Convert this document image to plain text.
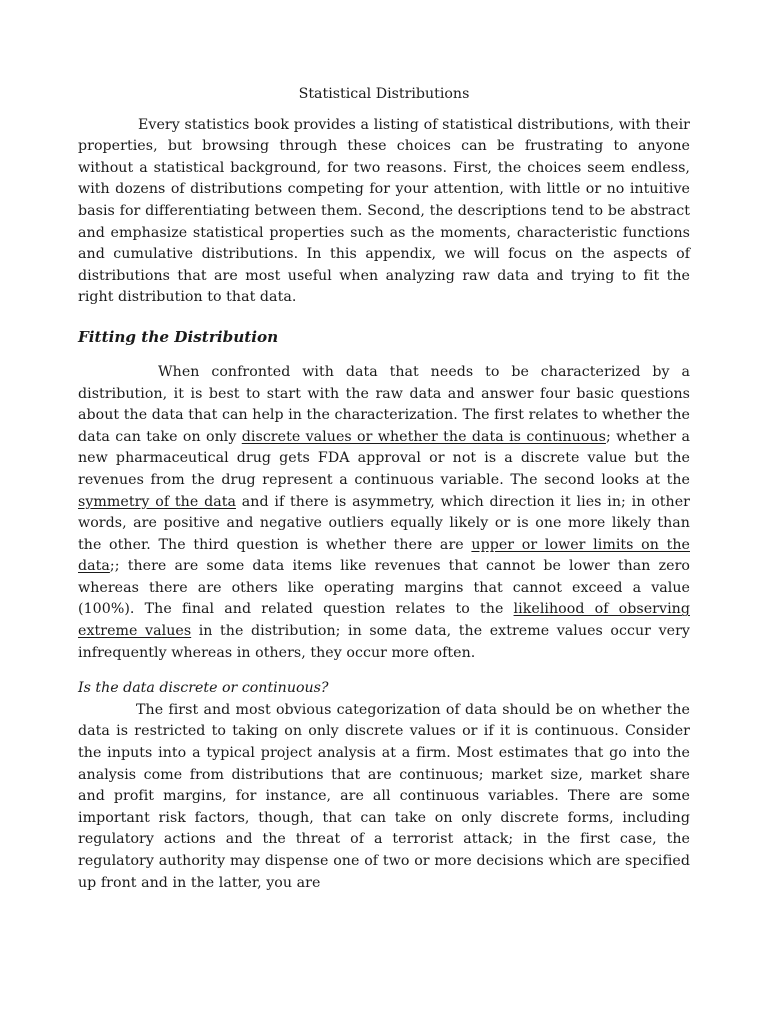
Statistical Distributions

Every statistics book provides a listing of statistical distributions, with their properties, but browsing through these choices can be frustrating to anyone without a statistical background, for two reasons. First, the choices seem endless, with dozens of distributions competing for your attention, with little or no intuitive basis for differentiating between them. Second, the descriptions tend to be abstract and emphasize statistical properties such as the moments, characteristic functions and cumulative distributions. In this appendix, we will focus on the aspects of distributions that are most useful when analyzing raw data and trying to fit the right distribution to that data.

Fitting the Distribution

When confronted with data that needs to be characterized by a distribution, it is best to start with the raw data and answer four basic questions about the data that can help in the characterization. The first relates to whether the data can take on only discrete values or whether the data is continuous; whether a new pharmaceutical drug gets FDA approval or not is a discrete value but the revenues from the drug represent a continuous variable. The second looks at the symmetry of the data and if there is asymmetry, which direction it lies in; in other words, are positive and negative outliers equally likely or is one more likely than the other. The third question is whether there are upper or lower limits on the data;; there are some data items like revenues that cannot be lower than zero whereas there are others like operating margins that cannot exceed a value (100%). The final and related question relates to the likelihood of observing extreme values in the distribution; in some data, the extreme values occur very infrequently whereas in others, they occur more often.

Is the data discrete or continuous?

The first and most obvious categorization of data should be on whether the data is restricted to taking on only discrete values or if it is continuous. Consider the inputs into a typical project analysis at a firm. Most estimates that go into the analysis come from distributions that are continuous; market size, market share and profit margins, for instance, are all continuous variables. There are some important risk factors, though, that can take on only discrete forms, including regulatory actions and the threat of a terrorist attack; in the first case, the regulatory authority may dispense one of two or more decisions which are specified up front and in the latter, you are
